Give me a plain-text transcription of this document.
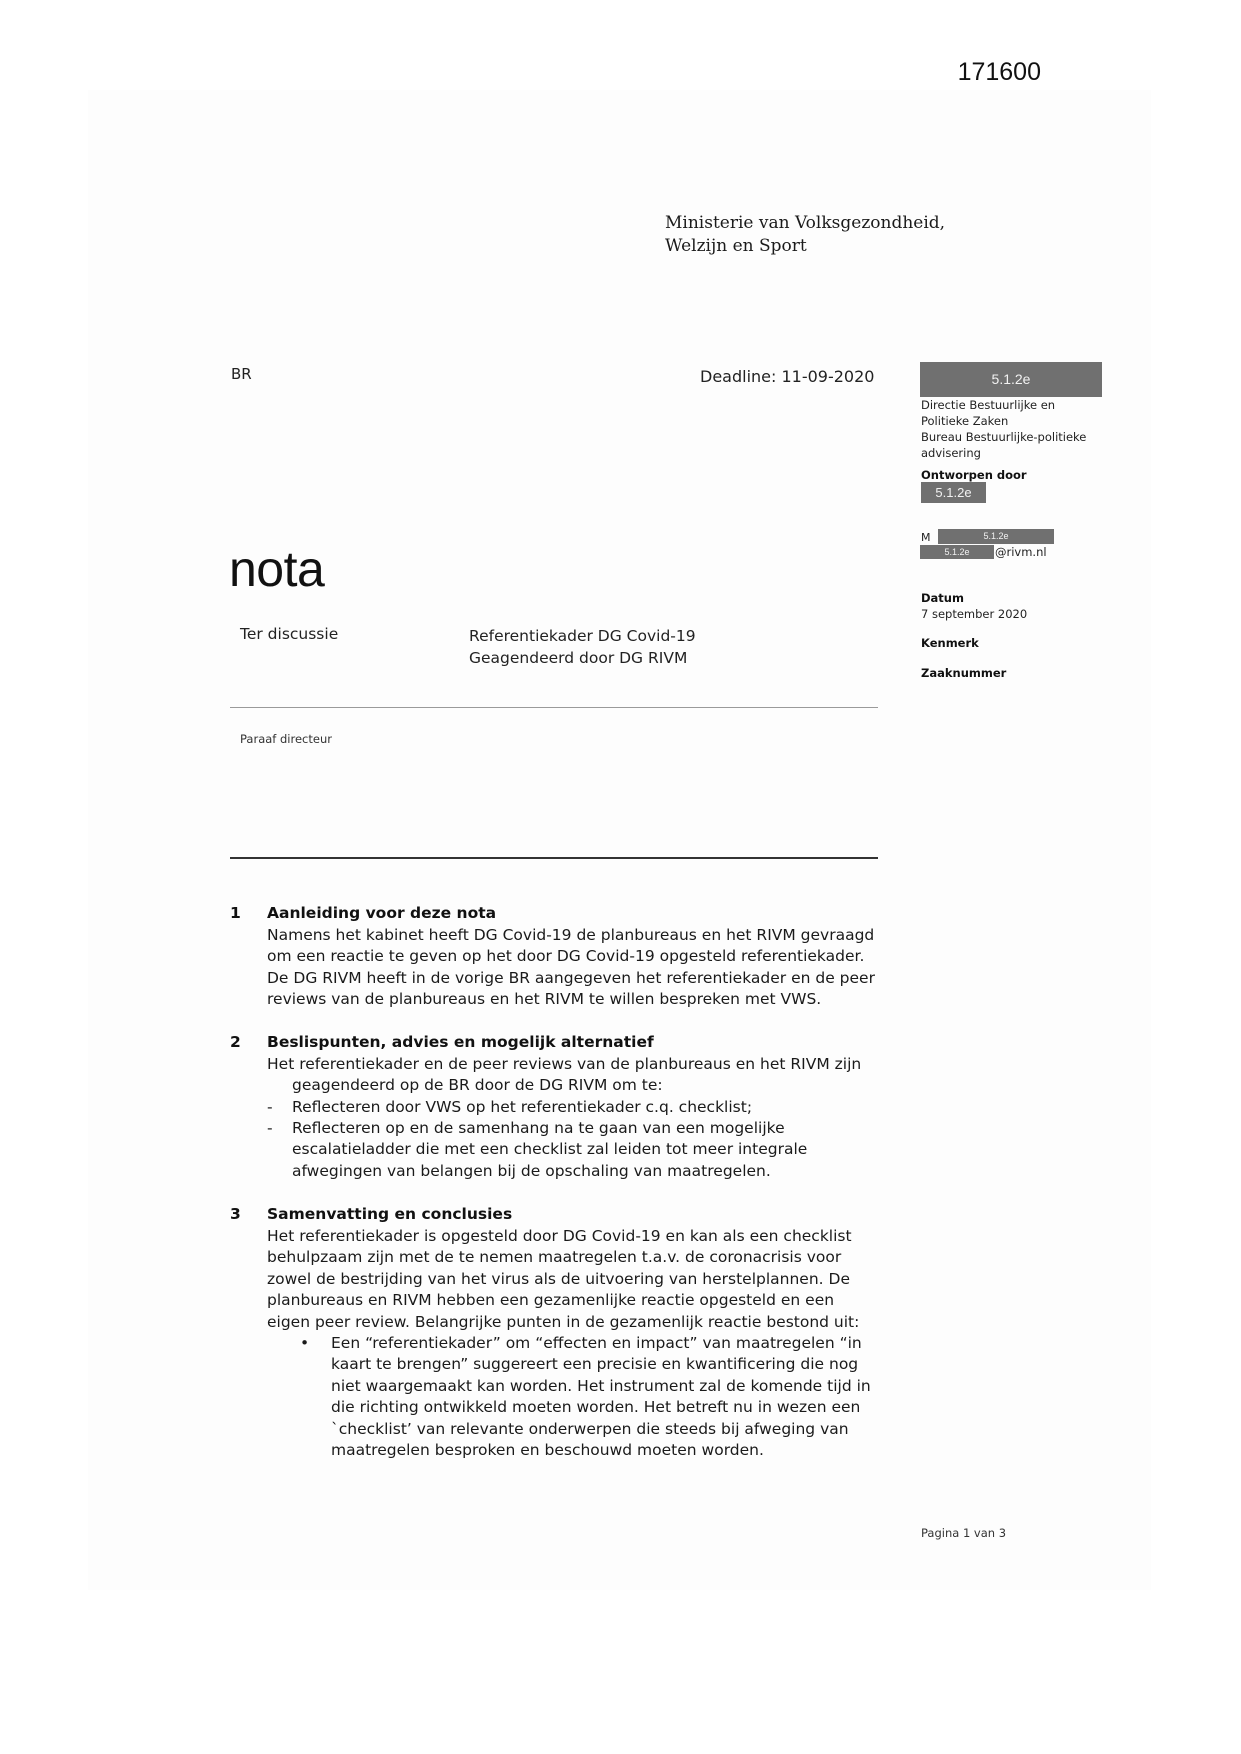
171600
Ministerie van Volksgezondheid,
Welzijn en Sport
BR	Deadline: 11-09-2020	5.1.2e
Directie Bestuurlijke en
Politieke Zaken
Bureau Bestuurlijke-politieke
advisering
Ontworpen door
5.1.2e
M	5.1.2e
5.1.2e	@rivm.nl
Datum
7 september 2020
Kenmerk
Zaaknummer
nota
Ter discussie	Referentiekader DG Covid-19
Geagendeerd door DG RIVM
Paraaf directeur
1 Aanleiding voor deze nota
Namens het kabinet heeft DG Covid-19 de planbureaus en het RIVM gevraagd
om een reactie te geven op het door DG Covid-19 opgesteld referentiekader.
De DG RIVM heeft in de vorige BR aangegeven het referentiekader en de peer
reviews van de planbureaus en het RIVM te willen bespreken met VWS.
2 Beslispunten, advies en mogelijk alternatief
Het referentiekader en de peer reviews van de planbureaus en het RIVM zijn
geagendeerd op de BR door de DG RIVM om te:
- Reflecteren door VWS op het referentiekader c.q. checklist;
- Reflecteren op en de samenhang na te gaan van een mogelijke
escalatieladder die met een checklist zal leiden tot meer integrale
afwegingen van belangen bij de opschaling van maatregelen.
3 Samenvatting en conclusies
Het referentiekader is opgesteld door DG Covid-19 en kan als een checklist
behulpzaam zijn met de te nemen maatregelen t.a.v. de coronacrisis voor
zowel de bestrijding van het virus als de uitvoering van herstelplannen. De
planbureaus en RIVM hebben een gezamenlijke reactie opgesteld en een
eigen peer review. Belangrijke punten in de gezamenlijk reactie bestond uit:
• Een “referentiekader” om “effecten en impact” van maatregelen “in
kaart te brengen” suggereert een precisie en kwantificering die nog
niet waargemaakt kan worden. Het instrument zal de komende tijd in
die richting ontwikkeld moeten worden. Het betreft nu in wezen een
`checklist’ van relevante onderwerpen die steeds bij afweging van
maatregelen besproken en beschouwd moeten worden.
Pagina 1 van 3
